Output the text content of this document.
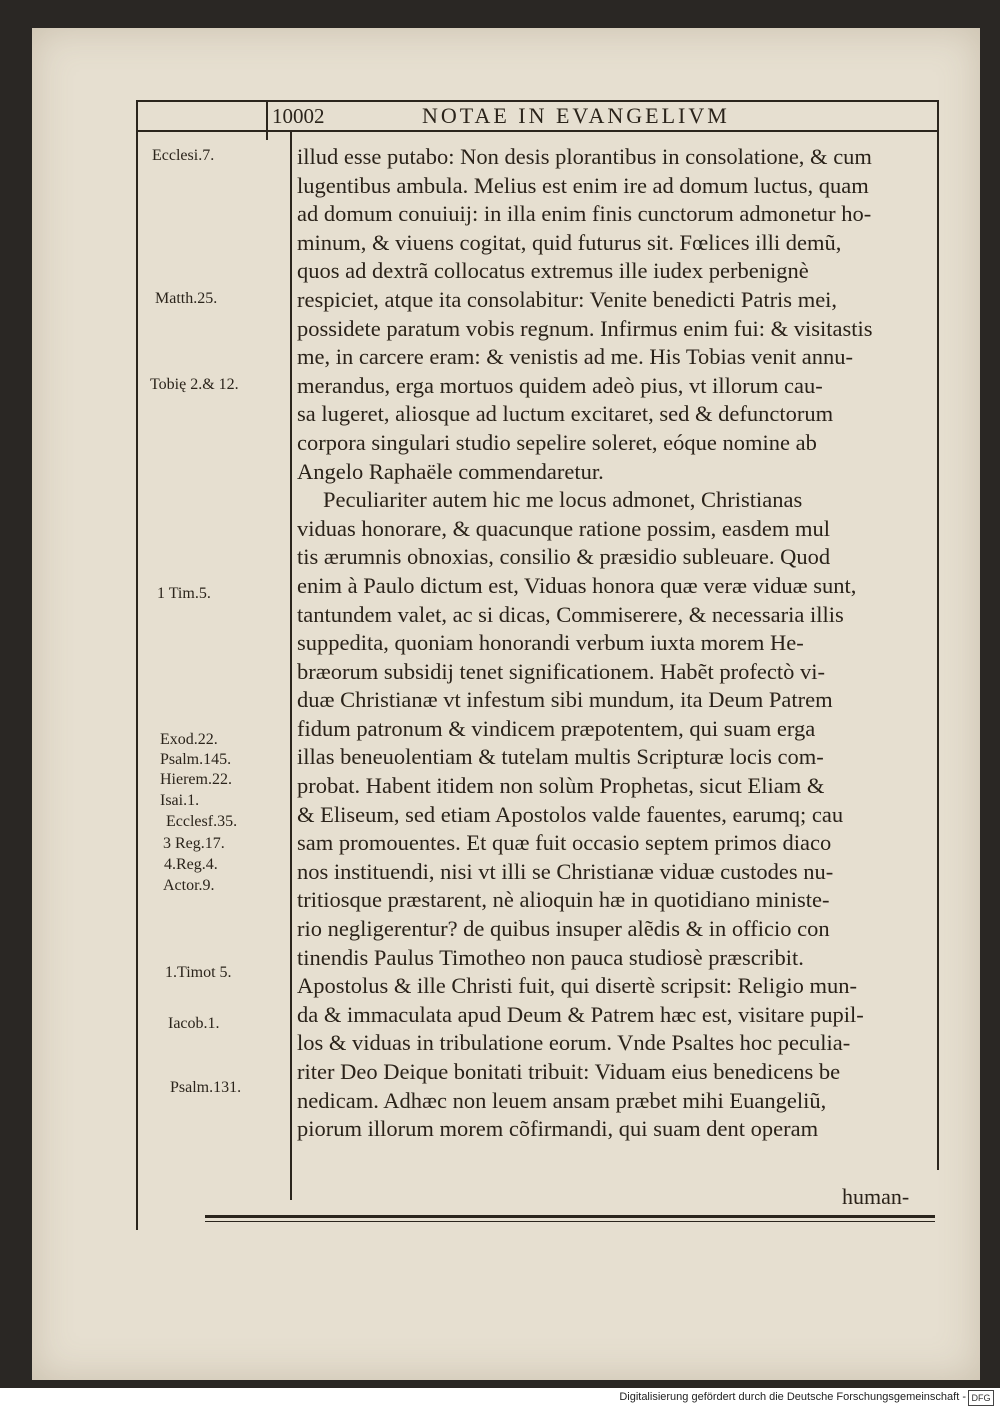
10002	NOTAE IN EVANGELIVM
Ecclesi.7.
Matth.25.
Tobię 2.& 12.
1 Tim.5.
Exod.22.
Psalm.145.
Hierem.22.
Isai.1.
Ecclesf.35.
3 Reg.17.
4.Reg.4.
Actor.9.
1.Timot 5.
Iacob.1.
Psalm.131.
illud esse putabo: Non desis plorantibus in consolatione, & cum
lugentibus ambula. Melius est enim ire ad domum luctus, quam
ad domum conuiuij: in illa enim finis cunctorum admonetur ho-
minum, & viuens cogitat, quid futurus sit. Fœlices illi demũ,
quos ad dextrã collocatus extremus ille iudex perbenignè
respiciet, atque ita consolabitur: Venite benedicti Patris mei,
possidete paratum vobis regnum. Infirmus enim fui: & visitastis
me, in carcere eram: & venistis ad me. His Tobias venit annu-
merandus, erga mortuos quidem adeò pius, vt illorum cau-
sa lugeret, aliosque ad luctum excitaret, sed & defunctorum
corpora singulari studio sepelire soleret, eóque nomine ab
Angelo Raphaële commendaretur.
Peculiariter autem hic me locus admonet, Christianas
viduas honorare, & quacunque ratione possim, easdem mul
tis ærumnis obnoxias, consilio & præsidio subleuare. Quod
enim à Paulo dictum est, Viduas honora quæ veræ viduæ sunt,
tantundem valet, ac si dicas, Commiserere, & necessaria illis
suppedita, quoniam honorandi verbum iuxta morem He-
bræorum subsidij tenet significationem. Habẽt profectò vi-
duæ Christianæ vt infestum sibi mundum, ita Deum Patrem
fidum patronum & vindicem præpotentem, qui suam erga
illas beneuolentiam & tutelam multis Scripturæ locis com-
probat. Habent itidem non solùm Prophetas, sicut Eliam &
& Eliseum, sed etiam Apostolos valde fauentes, earumq; cau
sam promouentes. Et quæ fuit occasio septem primos diaco
nos instituendi, nisi vt illi se Christianæ viduæ custodes nu-
tritiosque præstarent, nè alioquin hæ in quotidiano ministe-
rio negligerentur? de quibus insuper alẽdis & in officio con
tinendis Paulus Timotheo non pauca studiosè præscribit.
Apostolus & ille Christi fuit, qui disertè scripsit: Religio mun-
da & immaculata apud Deum & Patrem hæc est, visitare pupil-
los & viduas in tribulatione eorum. Vnde Psaltes hoc peculia-
riter Deo Deique bonitati tribuit: Viduam eius benedicens be
nedicam. Adhæc non leuem ansam præbet mihi Euangeliũ,
piorum illorum morem cõfirmandi, qui suam dent operam
human-
Digitalisierung gefördert durch die Deutsche Forschungsgemeinschaft - DFG
